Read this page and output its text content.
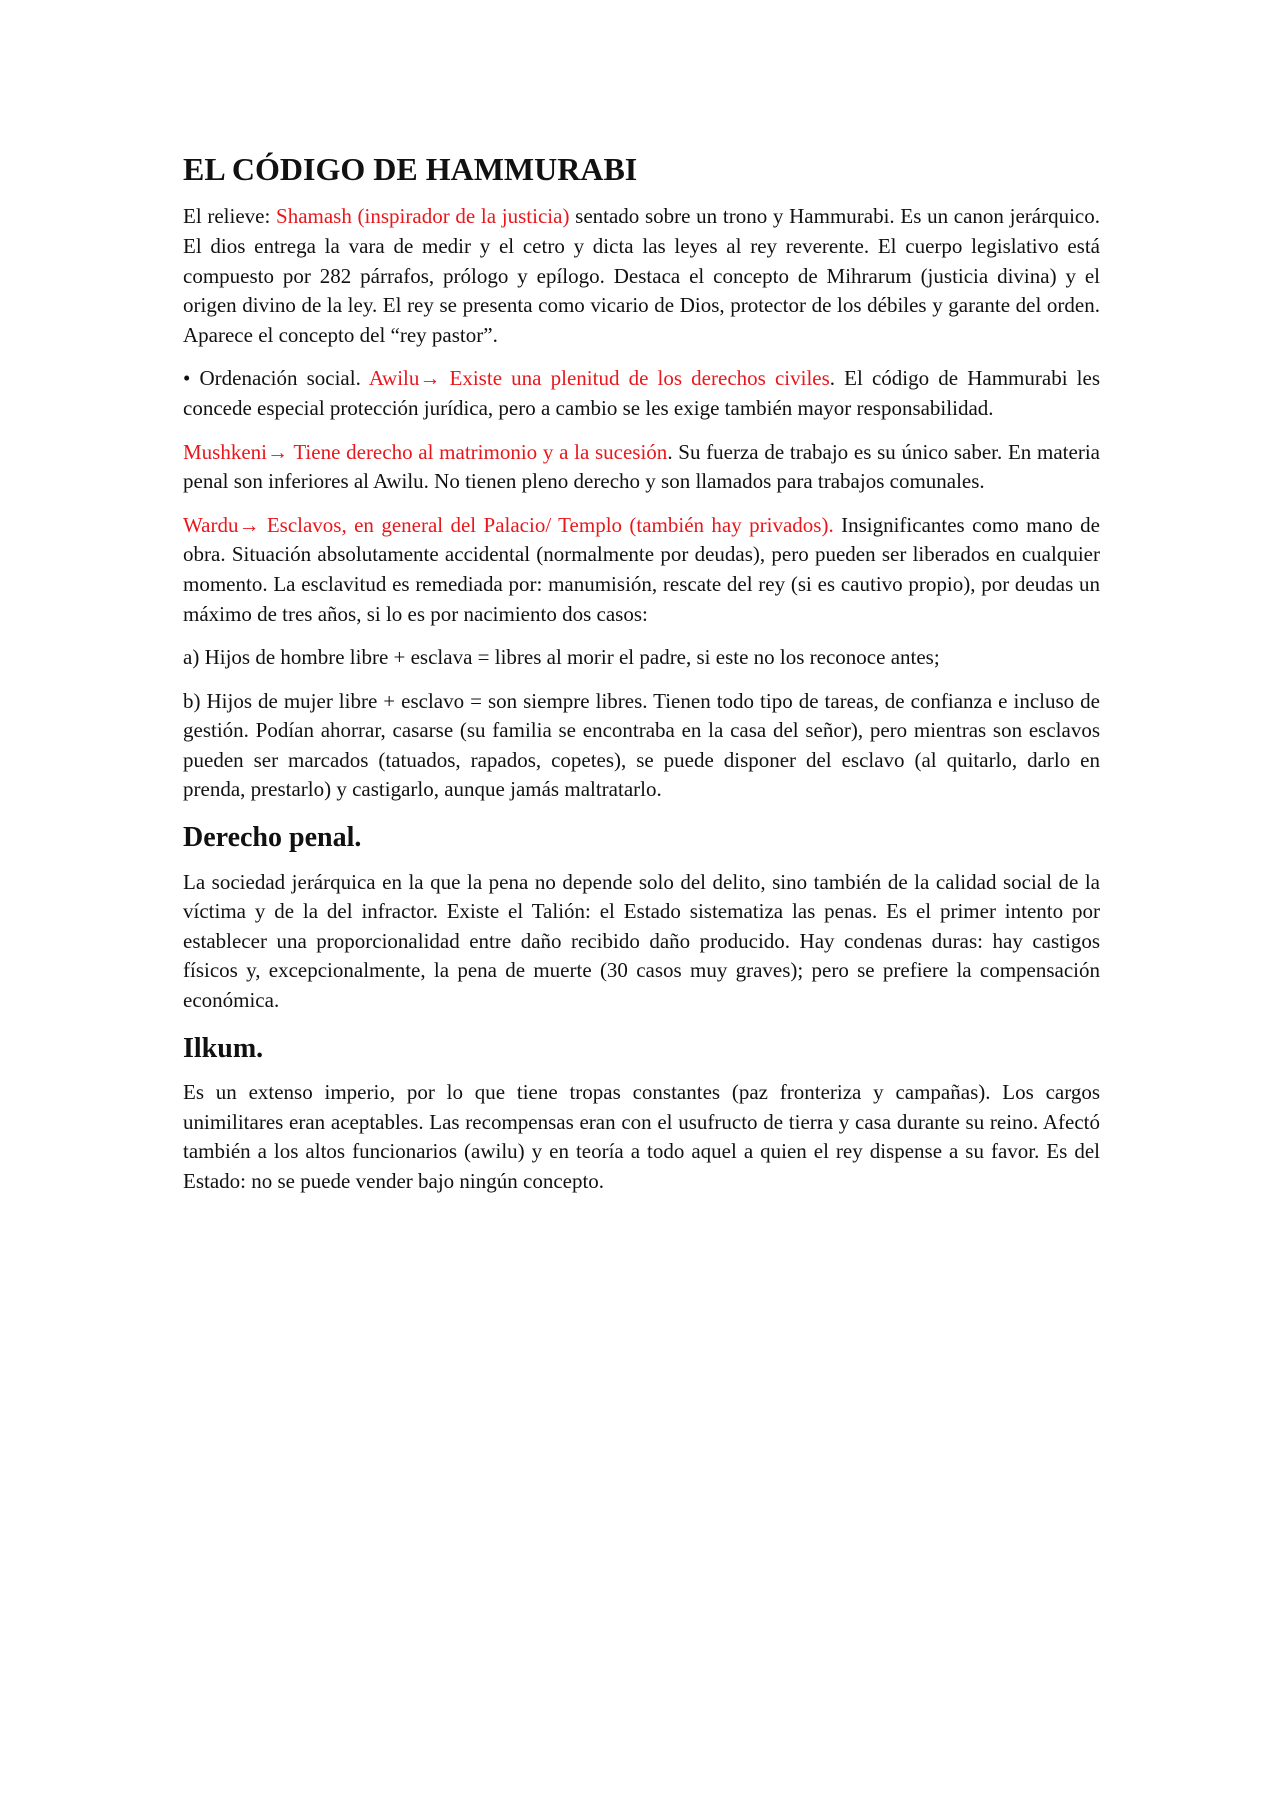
EL CÓDIGO DE HAMMURABI

El relieve: Shamash (inspirador de la justicia) sentado sobre un trono y Hammurabi. Es un canon jerárquico. El dios entrega la vara de medir y el cetro y dicta las leyes al rey reverente. El cuerpo legislativo está compuesto por 282 párrafos, prólogo y epílogo. Destaca el concepto de Mihrarum (justicia divina) y el origen divino de la ley. El rey se presenta como vicario de Dios, protector de los débiles y garante del orden. Aparece el concepto del “rey pastor”.

• Ordenación social. Awilu→ Existe una plenitud de los derechos civiles. El código de Hammurabi les concede especial protección jurídica, pero a cambio se les exige también mayor responsabilidad.

Mushkeni→ Tiene derecho al matrimonio y a la sucesión. Su fuerza de trabajo es su único saber. En materia penal son inferiores al Awilu. No tienen pleno derecho y son llamados para trabajos comunales.

Wardu→ Esclavos, en general del Palacio/ Templo (también hay privados). Insignificantes como mano de obra. Situación absolutamente accidental (normalmente por deudas), pero pueden ser liberados en cualquier momento. La esclavitud es remediada por: manumisión, rescate del rey (si es cautivo propio), por deudas un máximo de tres años, si lo es por nacimiento dos casos:

a) Hijos de hombre libre + esclava = libres al morir el padre, si este no los reconoce antes;

b) Hijos de mujer libre + esclavo = son siempre libres. Tienen todo tipo de tareas, de confianza e incluso de gestión. Podían ahorrar, casarse (su familia se encontraba en la casa del señor), pero mientras son esclavos pueden ser marcados (tatuados, rapados, copetes), se puede disponer del esclavo (al quitarlo, darlo en prenda, prestarlo) y castigarlo, aunque jamás maltratarlo.

Derecho penal.

La sociedad jerárquica en la que la pena no depende solo del delito, sino también de la calidad social de la víctima y de la del infractor. Existe el Talión: el Estado sistematiza las penas. Es el primer intento por establecer una proporcionalidad entre daño recibido daño producido. Hay condenas duras: hay castigos físicos y, excepcionalmente, la pena de muerte (30 casos muy graves); pero se prefiere la compensación económica.

Ilkum.

Es un extenso imperio, por lo que tiene tropas constantes (paz fronteriza y campañas). Los cargos unimilitares eran aceptables. Las recompensas eran con el usufructo de tierra y casa durante su reino. Afectó también a los altos funcionarios (awilu) y en teoría a todo aquel a quien el rey dispense a su favor. Es del Estado: no se puede vender bajo ningún concepto.
